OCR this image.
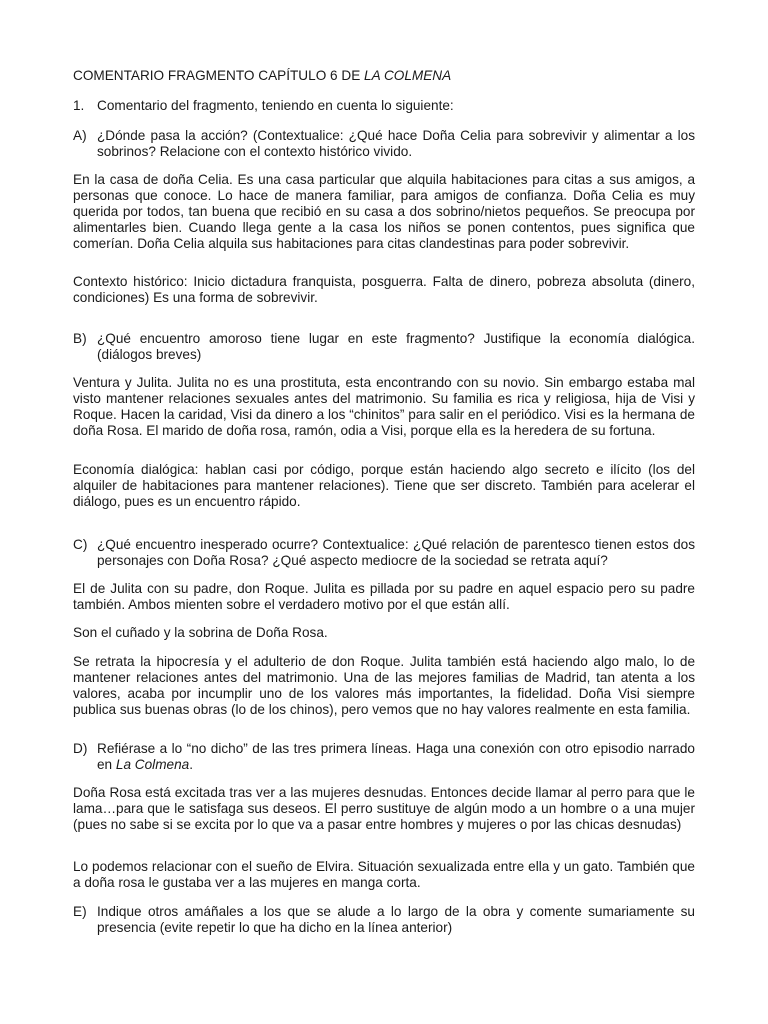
COMENTARIO FRAGMENTO CAPÍTULO 6 DE LA COLMENA

1. Comentario del fragmento, teniendo en cuenta lo siguiente:
A) ¿Dónde pasa la acción? (Contextualice: ¿Qué hace Doña Celia para sobrevivir y alimentar a los sobrinos? Relacione con el contexto histórico vivido.

En la casa de doña Celia. Es una casa particular que alquila habitaciones para citas a sus amigos, a personas que conoce. Lo hace de manera familiar, para amigos de confianza. Doña Celia es muy querida por todos, tan buena que recibió en su casa a dos sobrino/nietos pequeños. Se preocupa por alimentarles bien. Cuando llega gente a la casa los niños se ponen contentos, pues significa que comerían. Doña Celia alquila sus habitaciones para citas clandestinas para poder sobrevivir.

Contexto histórico: Inicio dictadura franquista, posguerra. Falta de dinero, pobreza absoluta (dinero, condiciones) Es una forma de sobrevivir.

B) ¿Qué encuentro amoroso tiene lugar en este fragmento? Justifique la economía dialógica. (diálogos breves)

Ventura y Julita. Julita no es una prostituta, esta encontrando con su novio. Sin embargo estaba mal visto mantener relaciones sexuales antes del matrimonio. Su familia es rica y religiosa, hija de Visi y Roque. Hacen la caridad, Visi da dinero a los “chinitos” para salir en el periódico. Visi es la hermana de doña Rosa. El marido de doña rosa, ramón, odia a Visi, porque ella es la heredera de su fortuna.

Economía dialógica: hablan casi por código, porque están haciendo algo secreto e ilícito (los del alquiler de habitaciones para mantener relaciones). Tiene que ser discreto. También para acelerar el diálogo, pues es un encuentro rápido.

C) ¿Qué encuentro inesperado ocurre? Contextualice: ¿Qué relación de parentesco tienen estos dos personajes con Doña Rosa? ¿Qué aspecto mediocre de la sociedad se retrata aquí?

El de Julita con su padre, don Roque. Julita es pillada por su padre en aquel espacio pero su padre también. Ambos mienten sobre el verdadero motivo por el que están allí.

Son el cuñado y la sobrina de Doña Rosa.

Se retrata la hipocresía y el adulterio de don Roque. Julita también está haciendo algo malo, lo de mantener relaciones antes del matrimonio. Una de las mejores familias de Madrid, tan atenta a los valores, acaba por incumplir uno de los valores más importantes, la fidelidad. Doña Visi siempre publica sus buenas obras (lo de los chinos), pero vemos que no hay valores realmente en esta familia.

D) Refiérase a lo “no dicho” de las tres primera líneas. Haga una conexión con otro episodio narrado en La Colmena.

Doña Rosa está excitada tras ver a las mujeres desnudas. Entonces decide llamar al perro para que le lama…para que le satisfaga sus deseos. El perro sustituye de algún modo a un hombre o a una mujer (pues no sabe si se excita por lo que va a pasar entre hombres y mujeres o por las chicas desnudas)

Lo podemos relacionar con el sueño de Elvira. Situación sexualizada entre ella y un gato. También que a doña rosa le gustaba ver a las mujeres en manga corta.

E) Indique otros amáñales a los que se alude a lo largo de la obra y comente sumariamente su presencia (evite repetir lo que ha dicho en la línea anterior)
